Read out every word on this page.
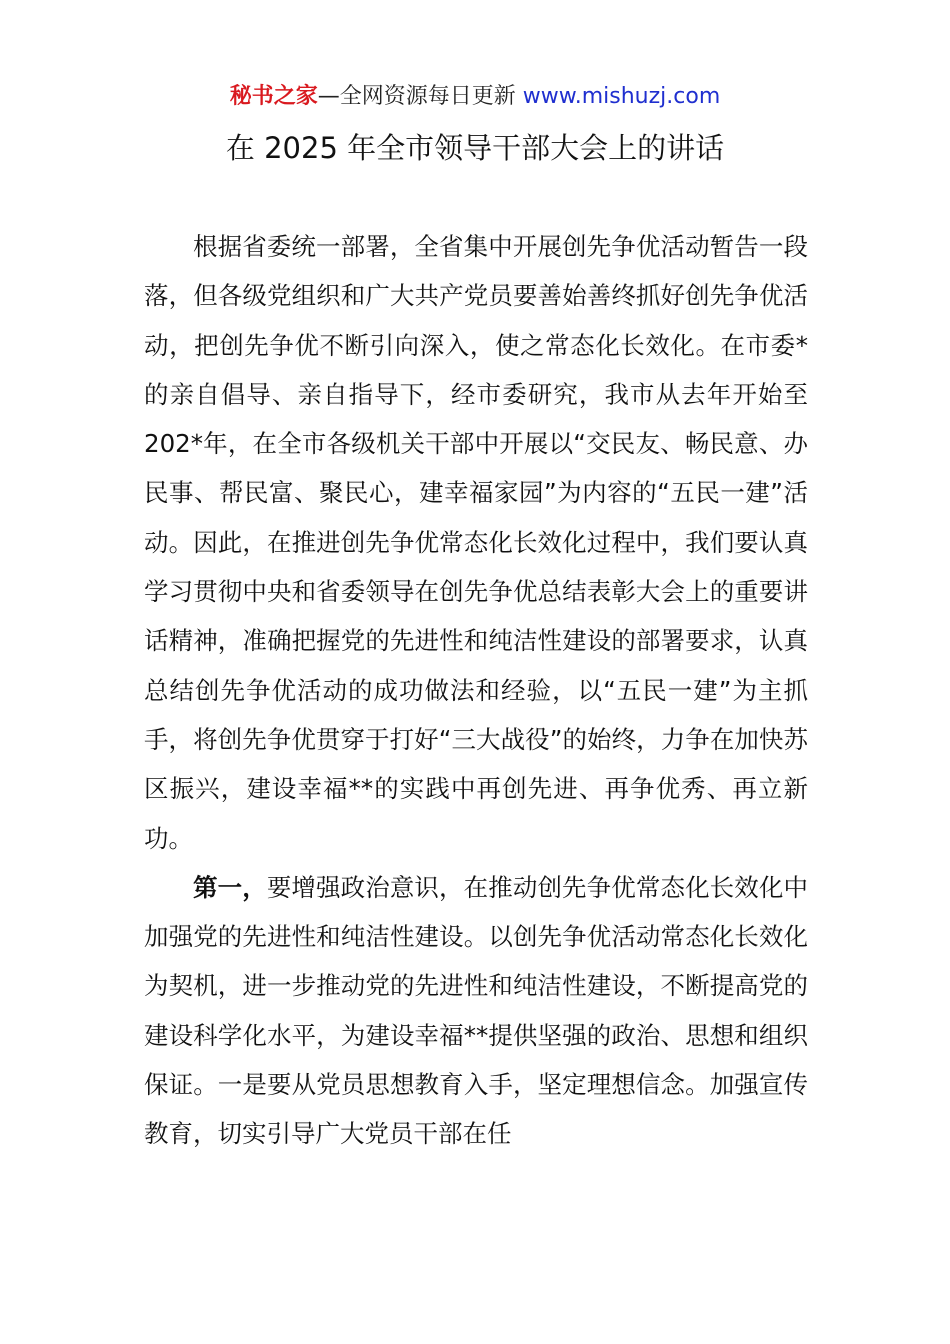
秘书之家—全网资源每日更新 www.mishuzj.com
在 2025 年全市领导干部大会上的讲话

根据省委统一部署，全省集中开展创先争优活动暂告一段落，但各级党组织和广大共产党员要善始善终抓好创先争优活动，把创先争优不断引向深入，使之常态化长效化。在市委*的亲自倡导、亲自指导下，经市委研究，我市从去年开始至 202*年，在全市各级机关干部中开展以“交民友、畅民意、办民事、帮民富、聚民心，建幸福家园”为内容的“五民一建”活动。因此，在推进创先争优常态化长效化过程中，我们要认真学习贯彻中央和省委领导在创先争优总结表彰大会上的重要讲话精神，准确把握党的先进性和纯洁性建设的部署要求，认真总结创先争优活动的成功做法和经验，以“五民一建”为主抓手，将创先争优贯穿于打好“三大战役”的始终，力争在加快苏区振兴，建设幸福**的实践中再创先进、再争优秀、再立新功。

第一，要增强政治意识，在推动创先争优常态化长效化中加强党的先进性和纯洁性建设。以创先争优活动常态化长效化为契机，进一步推动党的先进性和纯洁性建设，不断提高党的建设科学化水平，为建设幸福**提供坚强的政治、思想和组织保证。一是要从党员思想教育入手，坚定理想信念。加强宣传教育，切实引导广大党员干部在任
